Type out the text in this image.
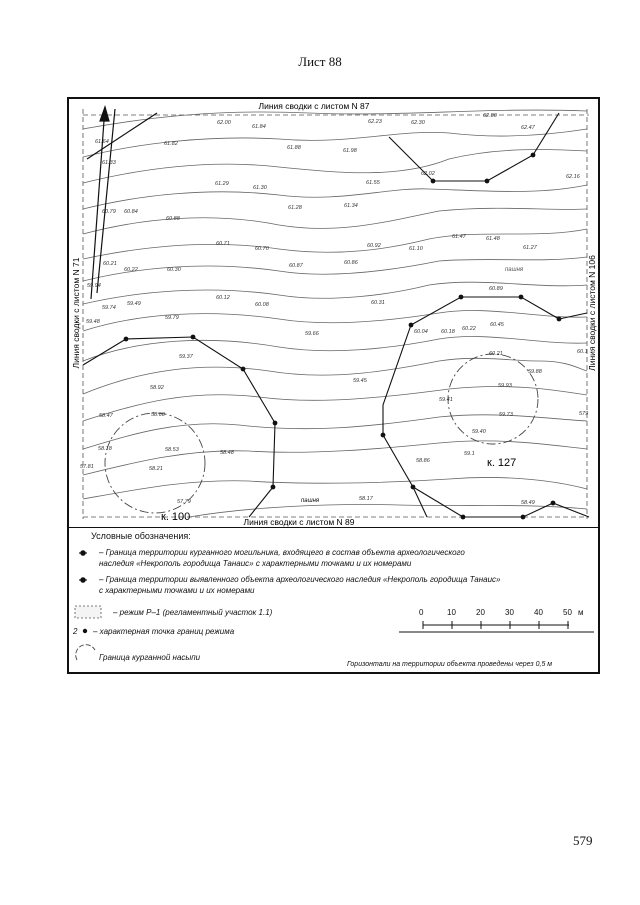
Лист 88
62.00
61.84
62.23	62.30
62.80
62.47
61.64	61.82
61.88	61.98
61.33
62.02	62.16
61.29
61.30
61.55
61.28	61.34
60.79 60.84
60.88
61.47	61.48
60.71
60.70	60.92	61.10	61.27
60.21
60.22	60.30
60.87	60.86
59.94	60.89
60.12
60.08	60.31
59.74
59.49
59.48
59.79
60.45
59.66	60.04 60.18 60.22
60.21	60.1
59.37
59.88
59.45
59.93
58.92
59.41
58.47	58.68	59.73	579
59.40
58.18	58.53	58.48	59.1
58.86
57.81	58.21
57.79	58.17
58.49
Линия сводки с листом N 87
Линия сводки с листом N 89
Линия сводки с листом N 71	Линия сводки с листом N 106
к. 127
к. 100
пашня
пашня
Условные обозначения:
– Граница территории курганного могильника, входящего в состав объекта археологического
наследия «Некрополь городища Танаис» с характерными точками и их номерами
– Граница территории выявленного объекта археологического наследия «Некрополь городища Танаис»
с характерными точками и их номерами
– режим Р–1 (регламентный участок 1.1)
2 – характерная точка границ режима
Граница курганной насыпи
0	10	20	30	40	50 м
Горизонтали на территории объекта проведены через 0,5 м
579
